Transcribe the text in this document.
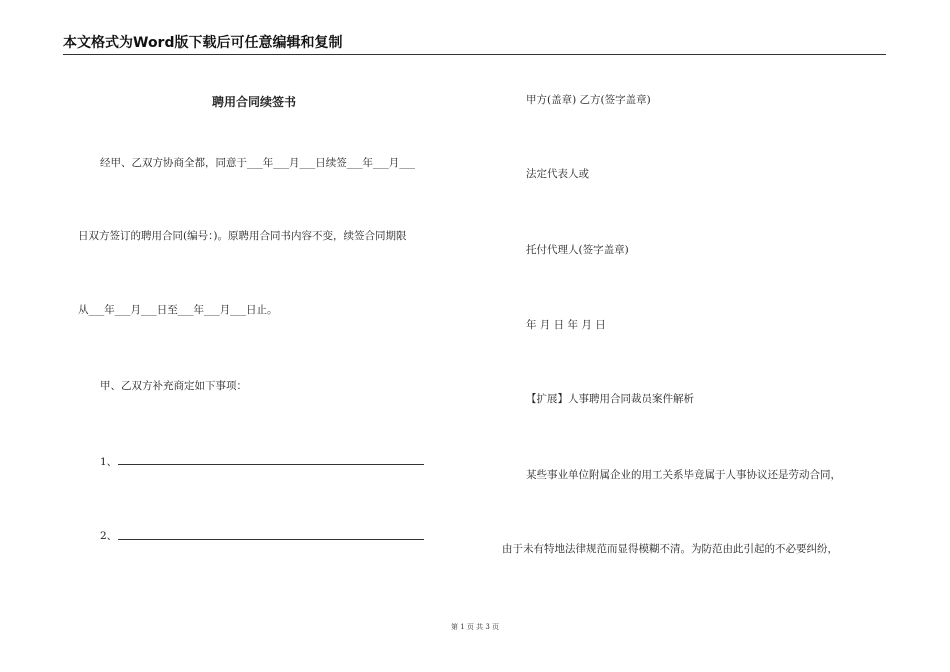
本文格式为Word版下载后可任意编辑和复制
聘用合同续签书
经甲、乙双方协商全都，同意于___年___月___日续签___年___月___
日双方签订的聘用合同(编号：)。原聘用合同书内容不变，续签合同期限
从___年___月___日至___年___月___日止。
甲、乙双方补充商定如下事项：
1、
2、
甲方(盖章) 乙方(签字盖章)
法定代表人或
托付代理人(签字盖章)
年 月 日 年 月 日
【扩展】人事聘用合同裁员案件解析
某些事业单位附属企业的用工关系毕竟属于人事协议还是劳动合同，
由于未有特地法律规范而显得模糊不清。为防范由此引起的不必要纠纷，
第 1 页 共 3 页
